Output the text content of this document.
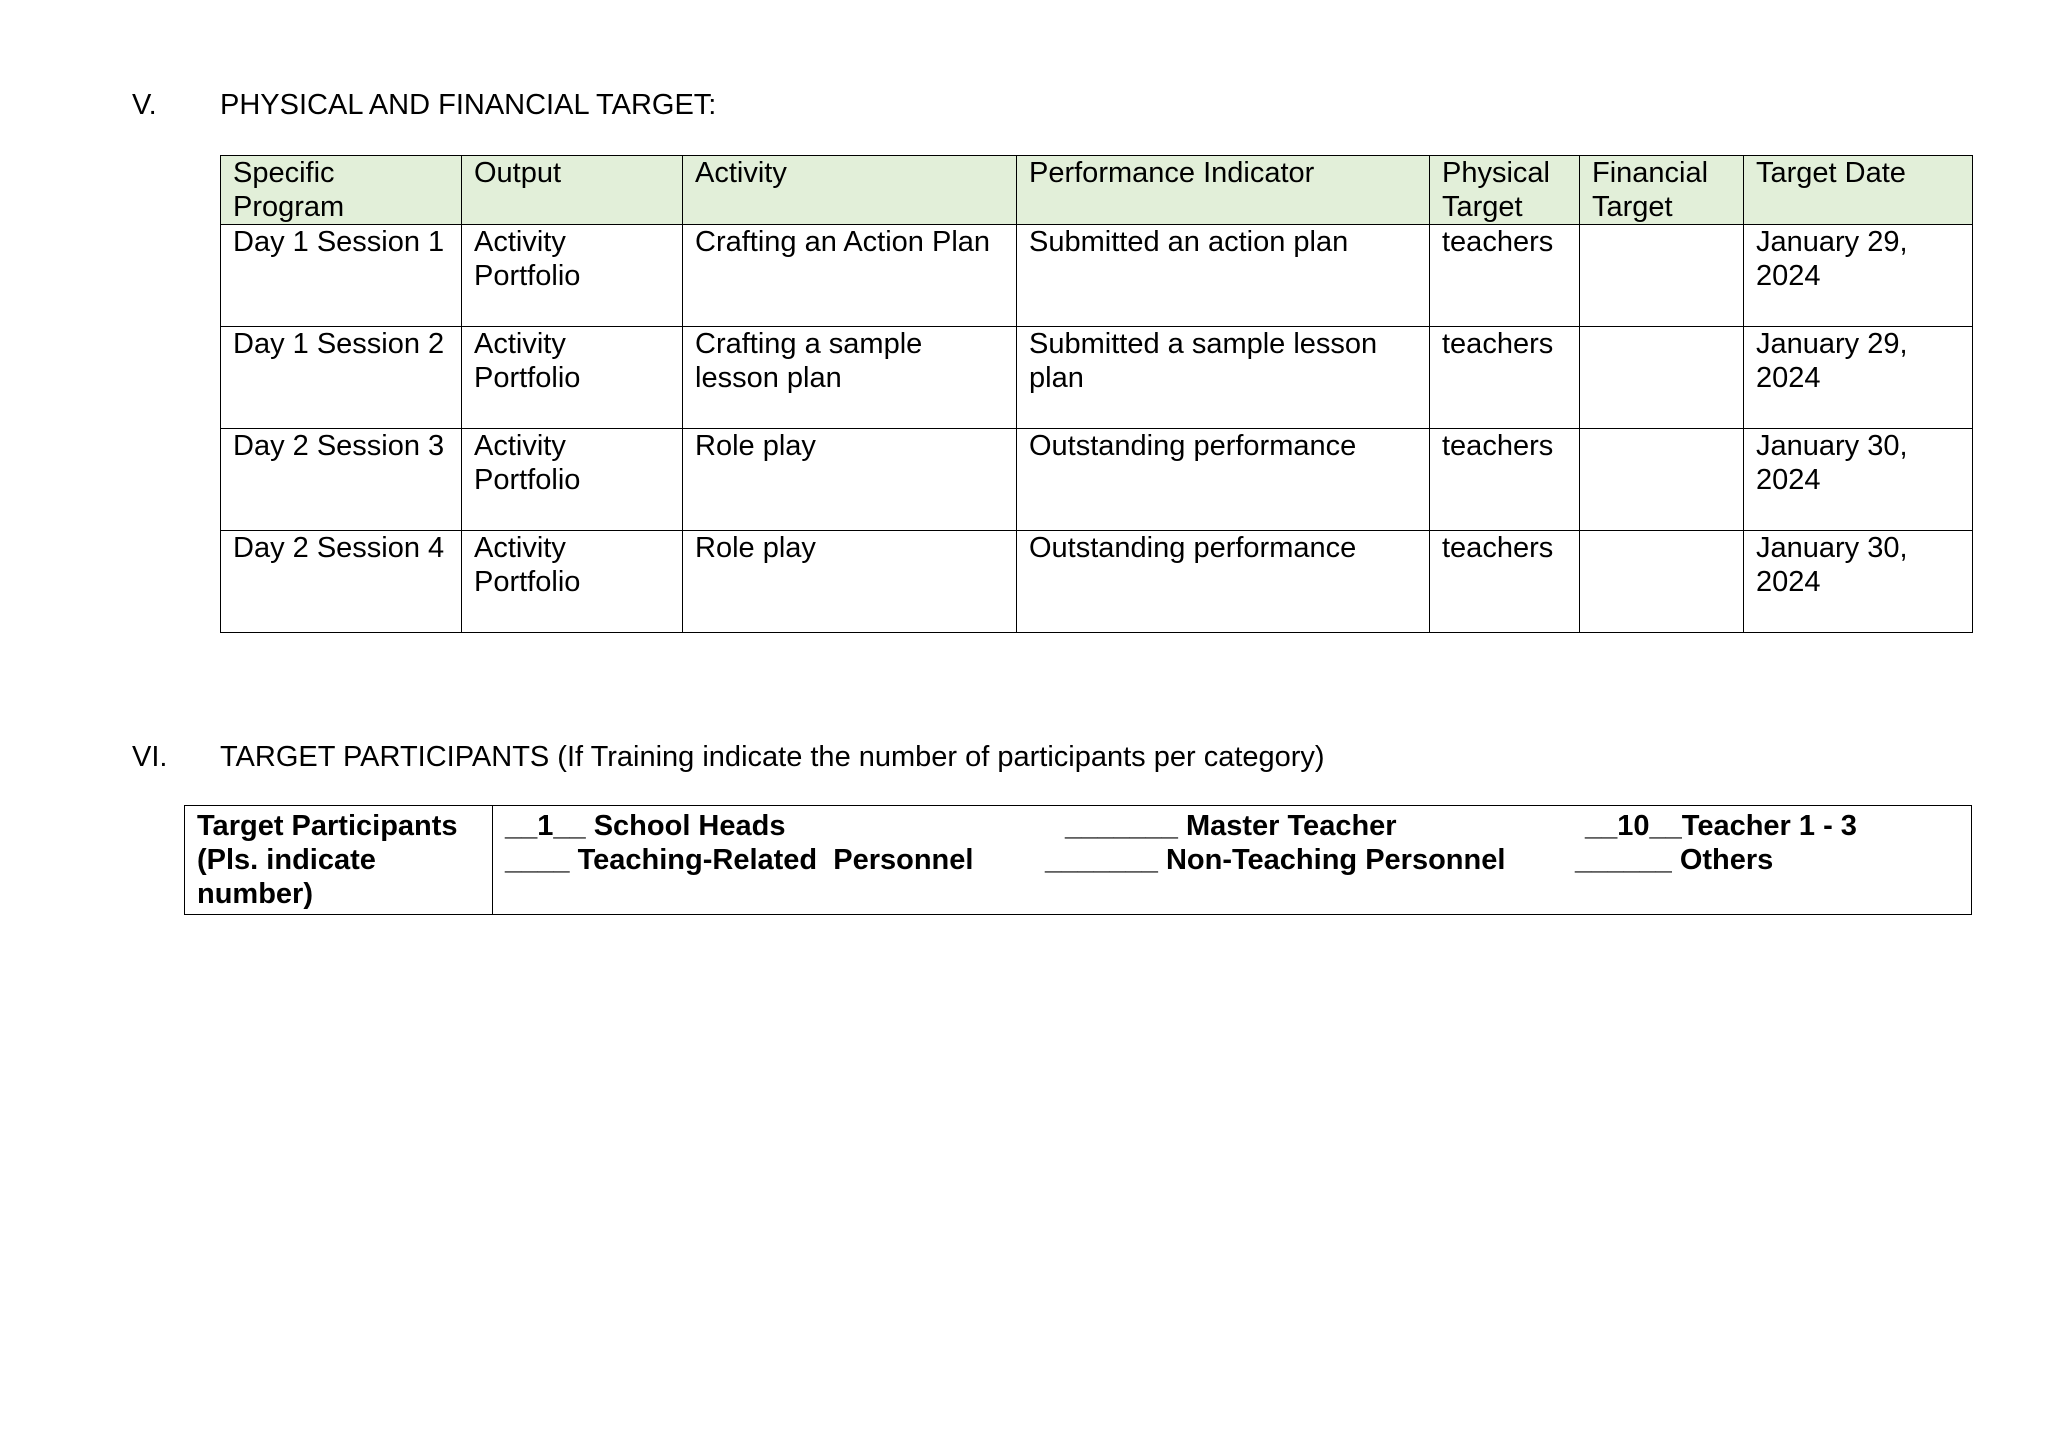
V. PHYSICAL AND FINANCIAL TARGET:
Specific Program	Output	Activity	Performance Indicator	Physical Target	Financial Target	Target Date
Day 1 Session 1	Activity Portfolio	Crafting an Action Plan	Submitted an action plan	teachers		January 29, 2024
Day 1 Session 2	Activity Portfolio	Crafting a sample lesson plan	Submitted a sample lesson plan	teachers		January 29, 2024
Day 2 Session 3	Activity Portfolio	Role play	Outstanding performance	teachers		January 30, 2024
Day 2 Session 4	Activity Portfolio	Role play	Outstanding performance	teachers		January 30, 2024
VI. TARGET PARTICIPANTS (If Training indicate the number of participants per category)
Target Participants (Pls. indicate number)	
__1__ School Heads	_______ Master Teacher	__10__Teacher 1 - 3
____ Teaching-Related  Personnel	_______ Non-Teaching Personnel	______ Others
